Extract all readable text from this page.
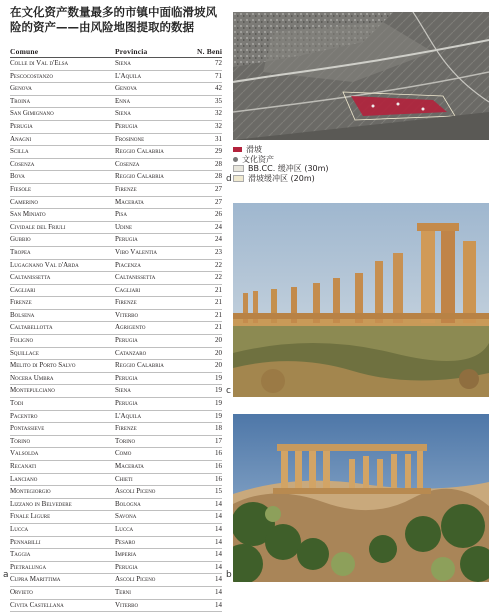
在文化资产数量最多的市镇中面临滑坡风险的资产——由风险地图提取的数据
Comune	Provincia	N. Beni
Colle di Val d'Elsa	Siena	72
Pescocostanzo	L'Aquila	71
Genova	Genova	42
Troina	Enna	35
San Gimignano	Siena	32
Perugia	Perugia	32
Anagni	Frosinone	31
Scilla	Reggio Calabria	29
Cosenza	Cosenza	28
Bova	Reggio Calabria	28
Fiesole	Firenze	27
Camerino	Macerata	27
San Miniato	Pisa	26
Cividale del Friuli	Udine	24
Gubbio	Perugia	24
Tropea	Vibo Valentia	23
Lugagnano Val d'Arda	Piacenza	22
Caltanissetta	Caltanissetta	22
Cagliari	Cagliari	21
Firenze	Firenze	21
Bolsena	Viterbo	21
Caltabellotta	Agrigento	21
Foligno	Perugia	20
Squillace	Catanzaro	20
Melito di Porto Salvo	Reggio Calabria	20
Nocera Umbra	Perugia	19
Montepulciano	Siena	19
Todi	Perugia	19
Pacentro	L'Aquila	19
Pontassieve	Firenze	18
Torino	Torino	17
Valsolda	Como	16
Recanati	Macerata	16
Lanciano	Chieti	16
Montegiorgio	Ascoli Piceno	15
Lizzano in Belvedere	Bologna	14
Finale Ligure	Savona	14
Lucca	Lucca	14
Pennabilli	Pesaro	14
Taggia	Imperia	14
Pietralunga	Perugia	14
Cupra Marittima	Ascoli Piceno	14
Orvieto	Terni	14
Civita Castellana	Viterbo	14
a	b
c
d
滑坡
文化资产
BB.CC. 缓冲区 (30m)
滑坡缓冲区 (20m)
